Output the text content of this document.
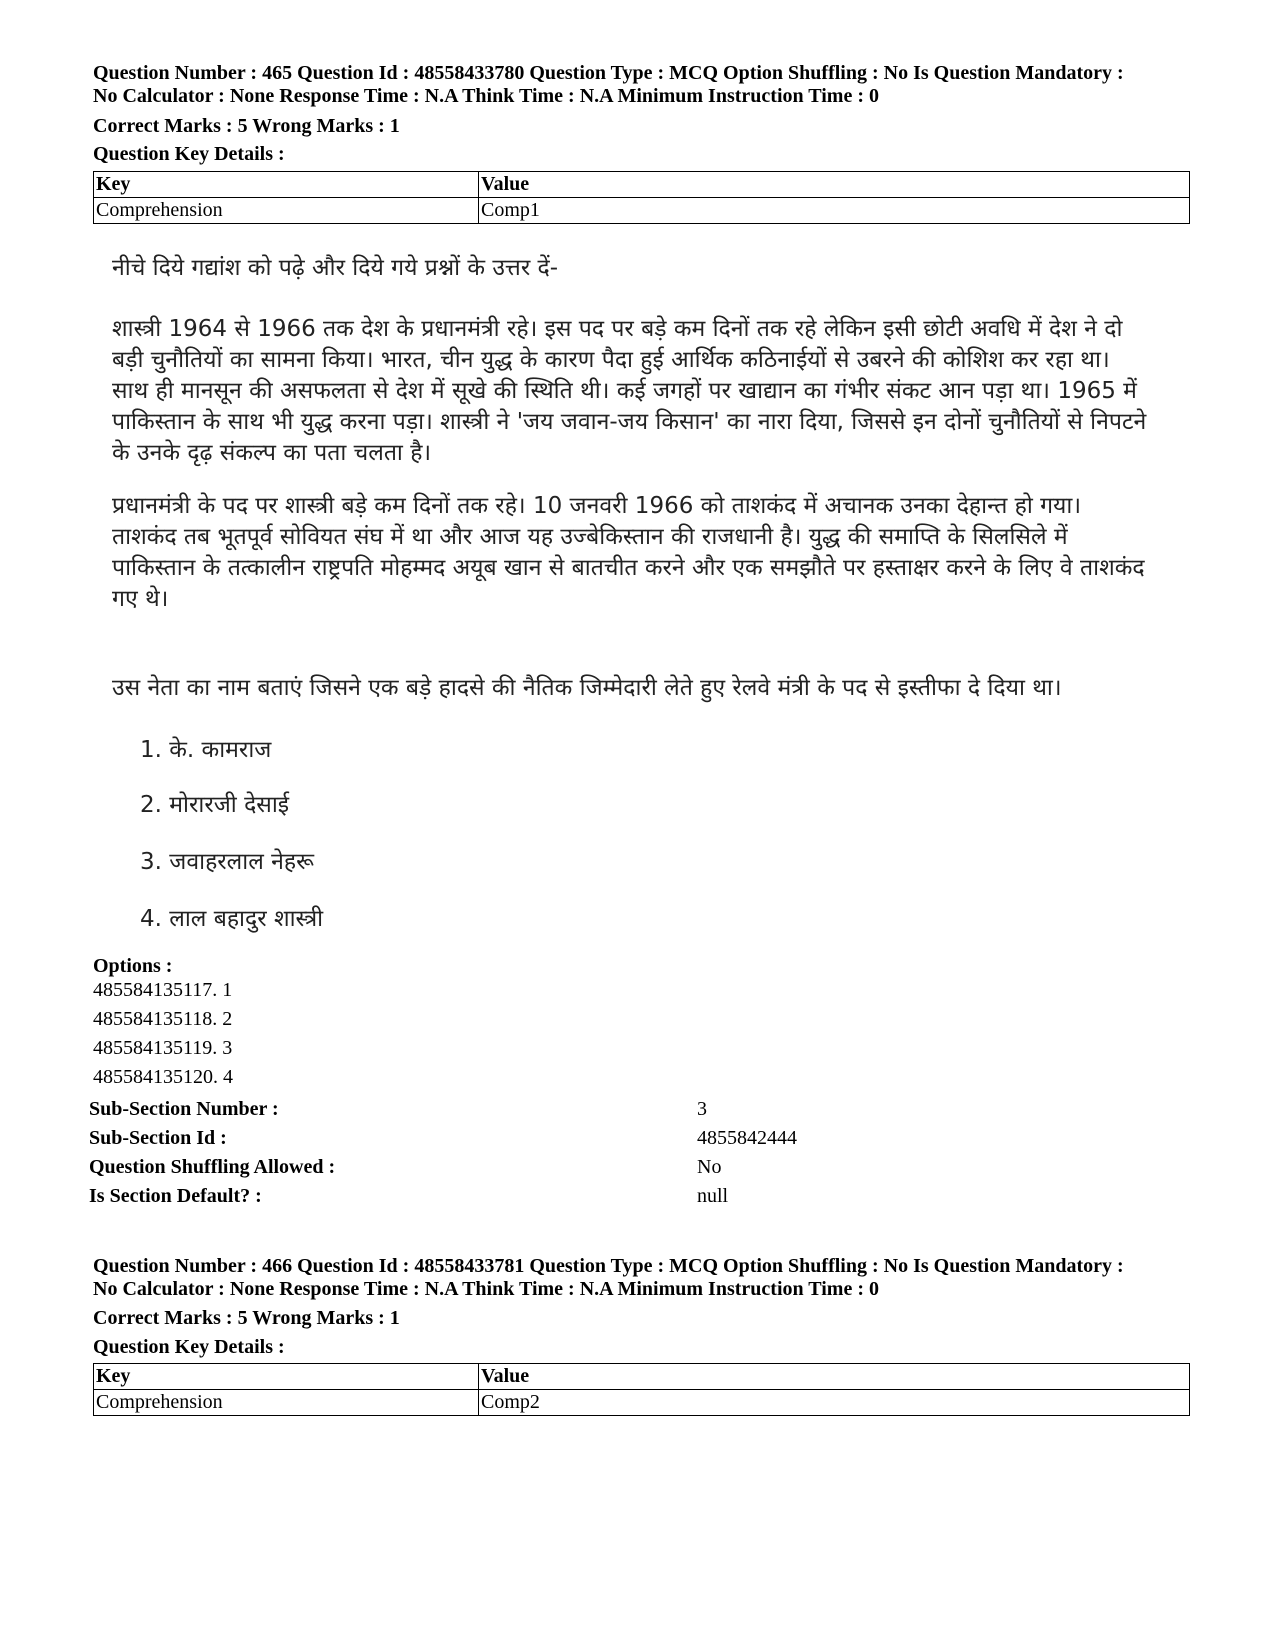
Question Number : 465 Question Id : 48558433780 Question Type : MCQ Option Shuffling : No Is Question Mandatory :
No Calculator : None Response Time : N.A Think Time : N.A Minimum Instruction Time : 0
Correct Marks : 5 Wrong Marks : 1
Question Key Details :
Key	Value
Comprehension	Comp1

नीचे दिये गद्यांश को पढ़े और दिये गये प्रश्नों के उत्तर दें-

शास्त्री 1964 से 1966 तक देश के प्रधानमंत्री रहे। इस पद पर बड़े कम दिनों तक रहे लेकिन इसी छोटी अवधि में देश ने दो बड़ी चुनौतियों का सामना किया। भारत, चीन युद्ध के कारण पैदा हुई आर्थिक कठिनाईयों से उबरने की कोशिश कर रहा था। साथ ही मानसून की असफलता से देश में सूखे की स्थिति थी। कई जगहों पर खाद्यान का गंभीर संकट आन पड़ा था। 1965 में पाकिस्तान के साथ भी युद्ध करना पड़ा। शास्त्री ने 'जय जवान-जय किसान' का नारा दिया, जिससे इन दोनों चुनौतियों से निपटने के उनके दृढ़ संकल्प का पता चलता है।

प्रधानमंत्री के पद पर शास्त्री बड़े कम दिनों तक रहे। 10 जनवरी 1966 को ताशकंद में अचानक उनका देहान्त हो गया। ताशकंद तब भूतपूर्व सोवियत संघ में था और आज यह उज्बेकिस्तान की राजधानी है। युद्ध की समाप्ति के सिलसिले में पाकिस्तान के तत्कालीन राष्ट्रपति मोहम्मद अयूब खान से बातचीत करने और एक समझौते पर हस्ताक्षर करने के लिए वे ताशकंद गए थे।

उस नेता का नाम बताएं जिसने एक बड़े हादसे की नैतिक जिम्मेदारी लेते हुए रेलवे मंत्री के पद से इस्तीफा दे दिया था।

1. के. कामराज
2. मोरारजी देसाई
3. जवाहरलाल नेहरू
4. लाल बहादुर शास्त्री
Options :
485584135117. 1
485584135118. 2
485584135119. 3
485584135120. 4
Sub-Section Number :	3
Sub-Section Id :	4855842444
Question Shuffling Allowed :	No
Is Section Default? :	null
Question Number : 466 Question Id : 48558433781 Question Type : MCQ Option Shuffling : No Is Question Mandatory :
No Calculator : None Response Time : N.A Think Time : N.A Minimum Instruction Time : 0
Correct Marks : 5 Wrong Marks : 1
Question Key Details :
Key	Value
Comprehension	Comp2
